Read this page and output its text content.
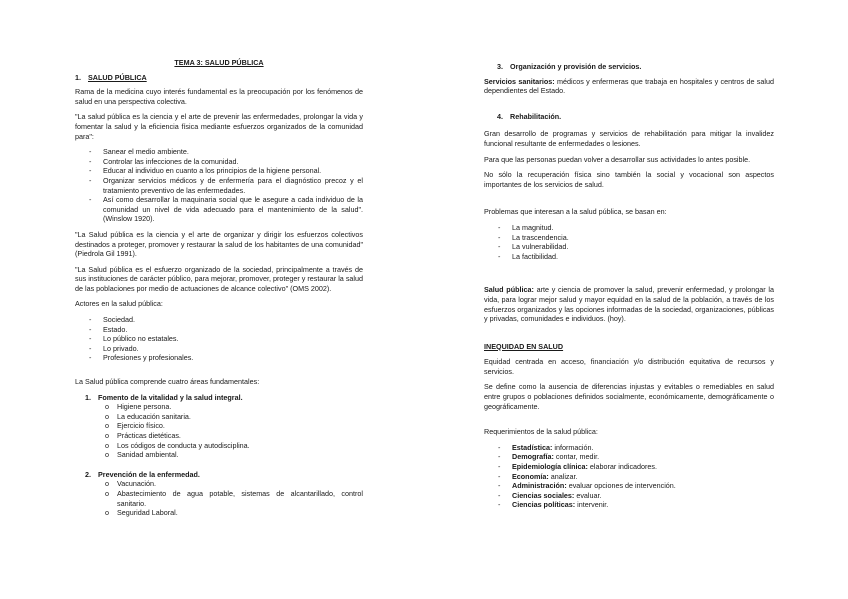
TEMA 3: SALUD PÚBLICA
1. SALUD PÚBLICA

Rama de la medicina cuyo interés fundamental es la preocupación por los fenómenos de salud en una perspectiva colectiva.

"La salud pública es la ciencia y el arte de prevenir las enfermedades, prolongar la vida y fomentar la salud y la eficiencia física mediante esfuerzos organizados de la comunidad para":

- Sanear el medio ambiente.
- Controlar las infecciones de la comunidad.
- Educar al individuo en cuanto a los principios de la higiene personal.
- Organizar servicios médicos y de enfermería para el diagnóstico precoz y el tratamiento preventivo de las enfermedades.
- Así como desarrollar la maquinaria social que le asegure a cada individuo de la comunidad un nivel de vida adecuado para el mantenimiento de la salud". (Winslow 1920).

"La Salud pública es la ciencia y el arte de organizar y dirigir los esfuerzos colectivos destinados a proteger, promover y restaurar la salud de los habitantes de una comunidad" (Piedrola Gil 1991).

"La Salud pública es el esfuerzo organizado de la sociedad, principalmente a través de sus instituciones de carácter público, para mejorar, promover, proteger y restaurar la salud de las poblaciones por medio de actuaciones de alcance colectivo" (OMS 2002).

Actores en la salud pública:

- Sociedad.
- Estado.
- Lo público no estatales.
- Lo privado.
- Profesiones y profesionales.

La Salud pública comprende cuatro áreas fundamentales:

1. Fomento de la vitalidad y la salud integral.
o Higiene persona.
o La educación sanitaria.
o Ejercicio físico.
o Prácticas dietéticas.
o Los códigos de conducta y autodisciplina.
o Sanidad ambiental.
2. Prevención de la enfermedad.
o Vacunación.
o Abastecimiento de agua potable, sistemas de alcantarillado, control sanitario.
o Seguridad Laboral.
3. Organización y provisión de servicios.

Servicios sanitarios: médicos y enfermeras que trabaja en hospitales y centros de salud dependientes del Estado.

4. Rehabilitación.

Gran desarrollo de programas y servicios de rehabilitación para mitigar la invalidez funcional resultante de enfermedades o lesiones.

Para que las personas puedan volver a desarrollar sus actividades lo antes posible.

No sólo la recuperación física sino también la social y vocacional son aspectos importantes de los servicios de salud.

Problemas que interesan a la salud pública, se basan en:

- La magnitud.
- La trascendencia.
- La vulnerabilidad.
- La factibilidad.

Salud pública: arte y ciencia de promover la salud, prevenir enfermedad, y prolongar la vida, para lograr mejor salud y mayor equidad en la salud de la población, a través de los esfuerzos organizados y las opciones informadas de la sociedad, organizaciones, públicas y privadas, comunidades e individuos. (hoy).

INEQUIDAD EN SALUD

Equidad centrada en acceso, financiación y/o distribución equitativa de recursos y servicios.

Se define como la ausencia de diferencias injustas y evitables o remediables en salud entre grupos o poblaciones definidos socialmente, económicamente, demográficamente o geográficamente.

Requerimientos de la salud pública:

- Estadística: información.
- Demografía: contar, medir.
- Epidemiología clínica: elaborar indicadores.
- Economía: analizar.
- Administración: evaluar opciones de intervención.
- Ciencias sociales: evaluar.
- Ciencias políticas: intervenir.
